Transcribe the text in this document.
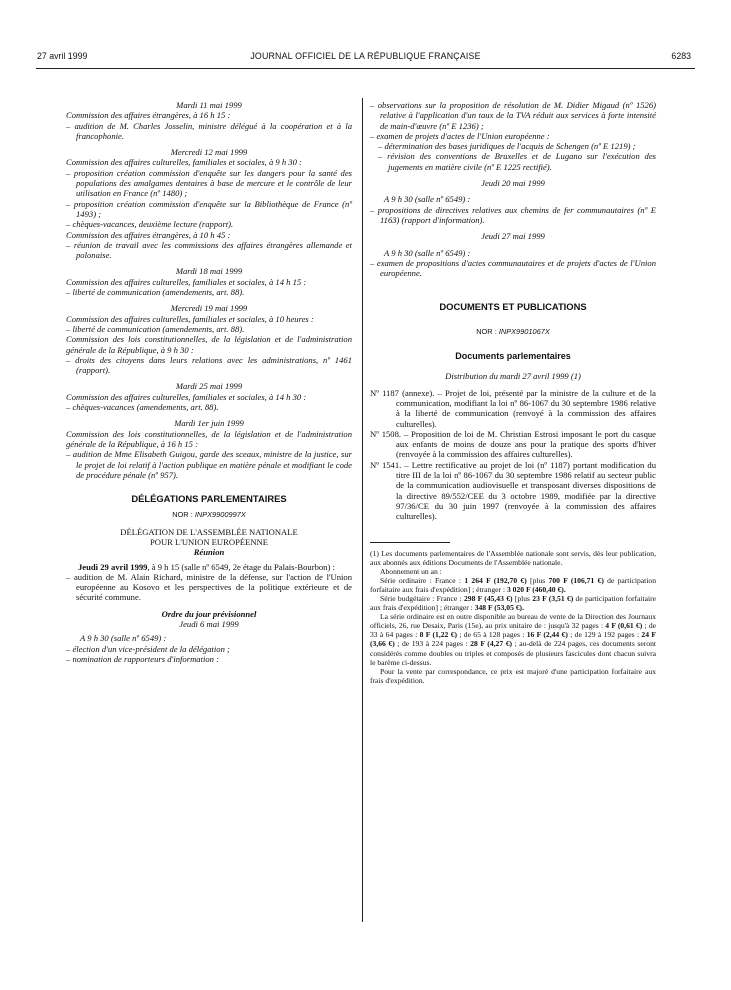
27 avril 1999	JOURNAL OFFICIEL DE LA RÉPUBLIQUE FRANÇAISE	6283
Mardi 11 mai 1999
Commission des affaires étrangères, à 16 h 15 :
– audition de M. Charles Josselin, ministre délégué à la coopération et à la francophonie.
Mercredi 12 mai 1999
Commission des affaires culturelles, familiales et sociales, à 9 h 30 :
– proposition création commission d'enquête sur les dangers pour la santé des populations des amalgames dentaires à base de mercure et le contrôle de leur utilisation en France (nº 1480) ;
– proposition création commission d'enquête sur la Bibliothèque de France (nº 1493) ;
– chèques-vacances, deuxième lecture (rapport).
Commission des affaires étrangères, à 10 h 45 :
– réunion de travail avec les commissions des affaires étrangères allemande et polonaise.
Mardi 18 mai 1999
Commission des affaires culturelles, familiales et sociales, à 14 h 15 :
– liberté de communication (amendements, art. 88).
Mercredi 19 mai 1999
Commission des affaires culturelles, familiales et sociales, à 10 heures :
– liberté de communication (amendements, art. 88).
Commission des lois constitutionnelles, de la législation et de l'administration générale de la République, à 9 h 30 :
– droits des citoyens dans leurs relations avec les administrations, nº 1461 (rapport).
Mardi 25 mai 1999
Commission des affaires culturelles, familiales et sociales, à 14 h 30 :
– chèques-vacances (amendements, art. 88).
Mardi 1er juin 1999
Commission des lois constitutionnelles, de la législation et de l'administration générale de la République, à 16 h 15 :
– audition de Mme Elisabeth Guigou, garde des sceaux, ministre de la justice, sur le projet de loi relatif à l'action publique en matière pénale et modifiant le code de procédure pénale (nº 957).
DÉLÉGATIONS PARLEMENTAIRES
NOR : INPX9900997X
DÉLÉGATION DE L'ASSEMBLÉE NATIONALE
POUR L'UNION EUROPÉENNE
Réunion
Jeudi 29 avril 1999, à 9 h 15 (salle nº 6549, 2e étage du Palais-Bourbon) :
– audition de M. Alain Richard, ministre de la défense, sur l'action de l'Union européenne au Kosovo et les perspectives de la politique extérieure et de sécurité commune.
Ordre du jour prévisionnel
Jeudi 6 mai 1999
A 9 h 30 (salle nº 6549) :
– élection d'un vice-président de la délégation ;
– nomination de rapporteurs d'information :
– observations sur la proposition de résolution de M. Didier Migaud (nº 1526) relative à l'application d'un taux de la TVA réduit aux services à forte intensité de main-d'œuvre (nº E 1236) ;
– examen de projets d'actes de l'Union européenne :
– détermination des bases juridiques de l'acquis de Schengen (nº E 1219) ;
– révision des conventions de Bruxelles et de Lugano sur l'exécution des jugements en matière civile (nº E 1225 rectifié).
Jeudi 20 mai 1999
A 9 h 30 (salle nº 6549) :
– propositions de directives relatives aux chemins de fer communautaires (nº E 1163) (rapport d'information).
Jeudi 27 mai 1999
A 9 h 30 (salle nº 6549) :
– examen de propositions d'actes communautaires et de projets d'actes de l'Union européenne.
DOCUMENTS ET PUBLICATIONS
NOR : INPX9901067X
Documents parlementaires
Distribution du mardi 27 avril 1999 (1)
Nº 1187 (annexe). – Projet de loi, présenté par la ministre de la culture et de la communication, modifiant la loi nº 86-1067 du 30 septembre 1986 relative à la liberté de communication (renvoyé à la commission des affaires culturelles).
Nº 1508. – Proposition de loi de M. Christian Estrosi imposant le port du casque aux enfants de moins de douze ans pour la pratique des sports d'hiver (renvoyée à la commission des affaires culturelles).
Nº 1541. – Lettre rectificative au projet de loi (nº 1187) portant modification du titre III de la loi nº 86-1067 du 30 septembre 1986 relatif au secteur public de la communication audiovisuelle et transposant diverses dispositions de la directive 89/552/CEE du 3 octobre 1989, modifiée par la directive 97/36/CE du 30 juin 1997 (renvoyée à la commission des affaires culturelles).
(1) Les documents parlementaires de l'Assemblée nationale sont servis, dès leur publication, aux abonnés aux éditions Documents de l'Assemblée nationale.
Abonnement un an :
Série ordinaire : France : 1 264 F (192,70 €) [plus 700 F (106,71 €) de participation forfaitaire aux frais d'expédition] ; étranger : 3 020 F (460,40 €).
Série budgétaire : France : 298 F (45,43 €) [plus 23 F (3,51 €) de participation forfaitaire aux frais d'expédition] ; étranger : 348 F (53,05 €).
La série ordinaire est en outre disponible au bureau de vente de la Direction des Journaux officiels, 26, rue Desaix, Paris (15e), au prix unitaire de : jusqu'à 32 pages : 4 F (0,61 €) ; de 33 à 64 pages : 8 F (1,22 €) ; de 65 à 128 pages : 16 F (2,44 €) ; de 129 à 192 pages : 24 F (3,66 €) ; de 193 à 224 pages : 28 F (4,27 €) ; au-delà de 224 pages, ces documents seront considérés comme doubles ou triples et composés de plusieurs fascicules dont chacun suivra le barème ci-dessus.
Pour la vente par correspondance, ce prix est majoré d'une participation forfaitaire aux frais d'expédition.
